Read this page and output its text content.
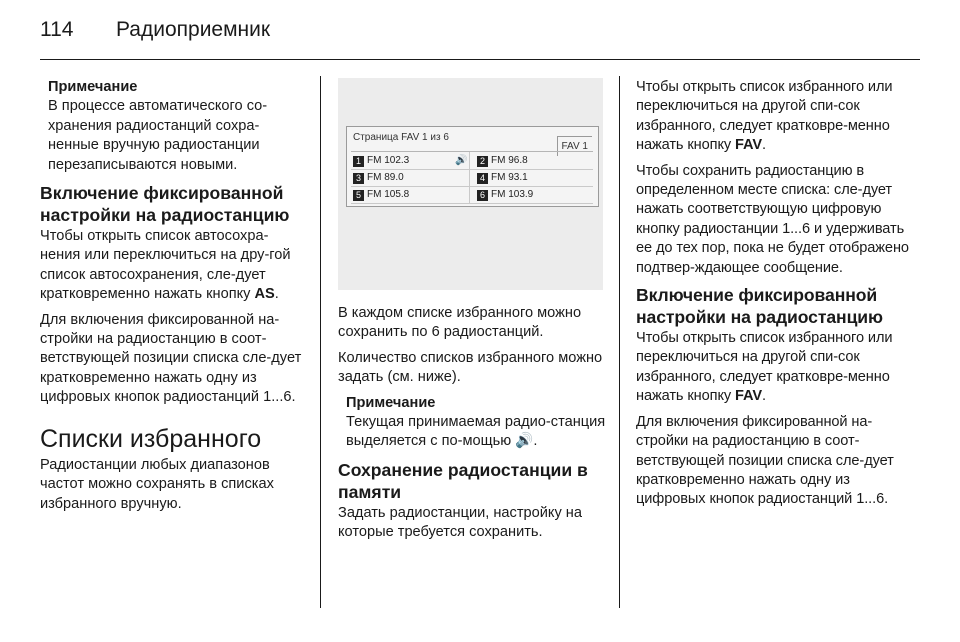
114 Радиоприемник
Примечание
В процессе автоматического со-хранения радиостанций сохра-ненные вручную радиостанции перезаписываются новыми.
Включение фиксированной настройки на радиостанцию

Чтобы открыть список автосохра-нения или переключиться на дру-гой список автосохранения, сле-дует кратковременно нажать кнопку AS.

Для включения фиксированной на-стройки на радиостанцию в соот-ветствующей позиции списка сле-дует кратковременно нажать одну из цифровых кнопок радиостанций 1...6.

Списки избранного

Радиостанции любых диапазонов частот можно сохранять в списках избранного вручную.

Страница FAV 1 из 6
FAV 1
1 FM 102.3	🔊	2 FM 96.8
3 FM 89.0	4 FM 93.1
5 FM 105.8	6 FM 103.9

В каждом списке избранного можно сохранить по 6 радиостанций.

Количество списков избранного можно задать (см. ниже).

Примечание
Текущая принимаемая радио-станция выделяется с по-мощью 🔊.
Сохранение радиостанции в памяти

Задать радиостанции, настройку на которые требуется сохранить.

Чтобы открыть список избранного или переключиться на другой спи-сок избранного, следует кратковре-менно нажать кнопку FAV.

Чтобы сохранить радиостанцию в определенном месте списка: сле-дует нажать соответствующую цифровую кнопку радиостанции 1...6 и удерживать ее до тех пор, пока не будет отображено подтвер-ждающее сообщение.

Включение фиксированной настройки на радиостанцию

Чтобы открыть список избранного или переключиться на другой спи-сок избранного, следует кратковре-менно нажать кнопку FAV.

Для включения фиксированной на-стройки на радиостанцию в соот-ветствующей позиции списка сле-дует кратковременно нажать одну из цифровых кнопок радиостанций 1...6.
